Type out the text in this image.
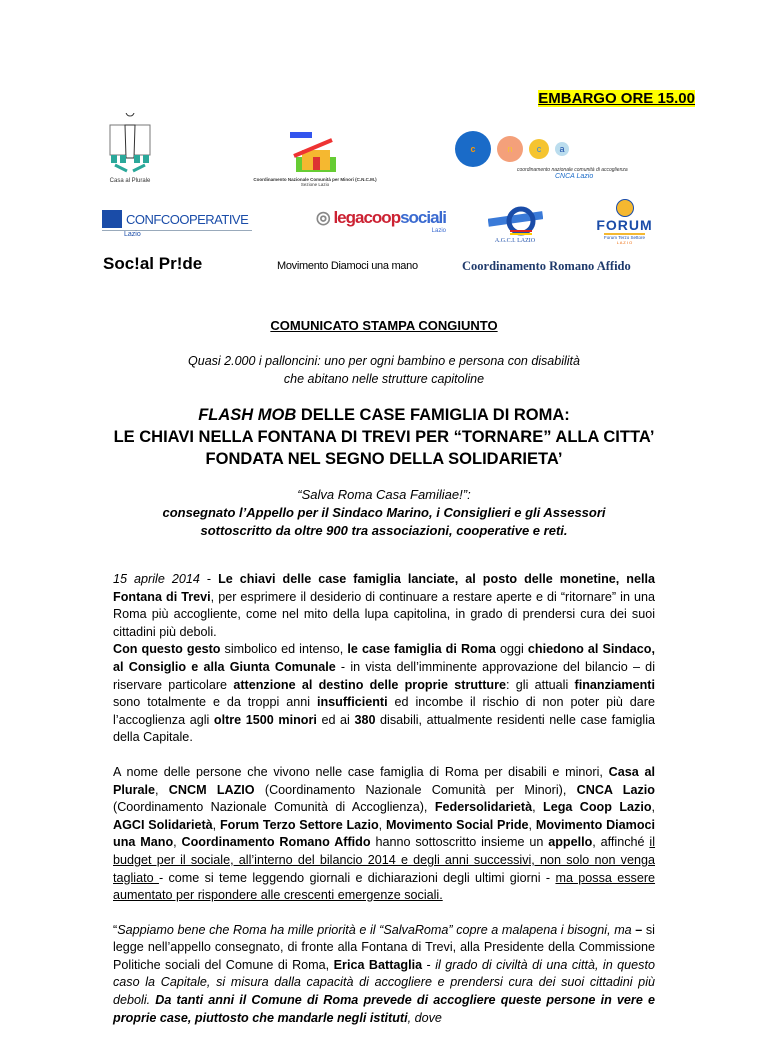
EMBARGO ORE 15.00
Casa al Plurale	Coordinamento Nazionale Comunità per Minori (C.N.C.M.)
Sezione Lazio
c	n	c	a
coordinamento nazionale comunità di accoglienza
CNCA Lazio
CONFCOOPERATIVE
Lazio
◎ legacoopsociali
Lazio
A.G.C.I. LAZIO
FORUM
Forum Terzo Settore
L A Z I O
Soc!al Pr!de	Movimento Diamoci una mano	Coordinamento Romano Affido
COMUNICATO STAMPA CONGIUNTO
Quasi 2.000 i palloncini: uno per ogni bambino e persona con disabilità
che abitano nelle strutture capitoline
FLASH MOB DELLE CASE FAMIGLIA DI ROMA:
LE CHIAVI NELLA FONTANA DI TREVI PER “TORNARE” ALLA CITTA’
FONDATA NEL SEGNO DELLA SOLIDARIETA’
“Salva Roma Casa Familiae!”:
consegnato l’Appello per il Sindaco Marino, i Consiglieri e gli Assessori
sottoscritto da oltre 900 tra associazioni, cooperative e reti.

15 aprile 2014 - Le chiavi delle case famiglia lanciate, al posto delle monetine, nella Fontana di Trevi, per esprimere il desiderio di continuare a restare aperte e di “ritornare” in una Roma più accogliente, come nel mito della lupa capitolina, in grado di prendersi cura dei suoi cittadini più deboli.
Con questo gesto simbolico ed intenso, le case famiglia di Roma oggi chiedono al Sindaco, al Consiglio e alla Giunta Comunale - in vista dell’imminente approvazione del bilancio – di riservare particolare attenzione al destino delle proprie strutture: gli attuali finanziamenti sono totalmente e da troppi anni insufficienti ed incombe il rischio di non poter più dare l’accoglienza agli oltre 1500 minori ed ai 380 disabili, attualmente residenti nelle case famiglia della Capitale.

A nome delle persone che vivono nelle case famiglia di Roma per disabili e minori, Casa al Plurale, CNCM LAZIO (Coordinamento Nazionale Comunità per Minori), CNCA Lazio (Coordinamento Nazionale Comunità di Accoglienza), Federsolidarietà, Lega Coop Lazio, AGCI Solidarietà, Forum Terzo Settore Lazio, Movimento Social Pride, Movimento Diamoci una Mano, Coordinamento Romano Affido hanno sottoscritto insieme un appello, affinché il budget per il sociale, all’interno del bilancio 2014 e degli anni successivi, non solo non venga tagliato - come si teme leggendo giornali e dichiarazioni degli ultimi giorni - ma possa essere aumentato per rispondere alle crescenti emergenze sociali.

“Sappiamo bene che Roma ha mille priorità e il “SalvaRoma” copre a malapena i bisogni, ma – si legge nell’appello consegnato, di fronte alla Fontana di Trevi, alla Presidente della Commissione Politiche sociali del Comune di Roma, Erica Battaglia - il grado di civiltà di una città, in questo caso la Capitale, si misura dalla capacità di accogliere e prendersi cura dei suoi cittadini più deboli. Da tanti anni il Comune di Roma prevede di accogliere queste persone in vere e proprie case, piuttosto che mandarle negli istituti, dove
